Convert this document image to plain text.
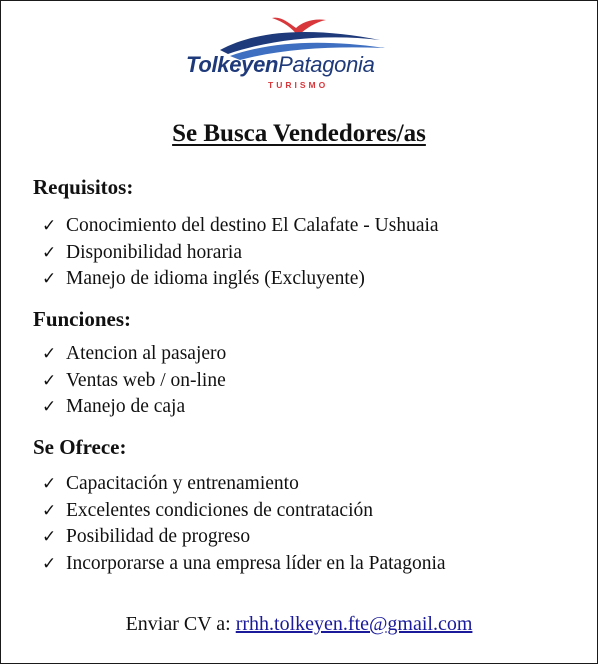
TolkeyenPatagonia
TURISMO
Se Busca Vendedores/as
Requisitos:
✓ Conocimiento del destino El Calafate - Ushuaia
✓ Disponibilidad horaria
✓ Manejo de idioma inglés (Excluyente)
Funciones:
✓ Atencion al pasajero
✓ Ventas web / on-line
✓ Manejo de caja
Se Ofrece:
✓ Capacitación y entrenamiento
✓ Excelentes condiciones de contratación
✓ Posibilidad de progreso
✓ Incorporarse a una empresa líder en la Patagonia
Enviar CV a: rrhh.tolkeyen.fte@gmail.com
